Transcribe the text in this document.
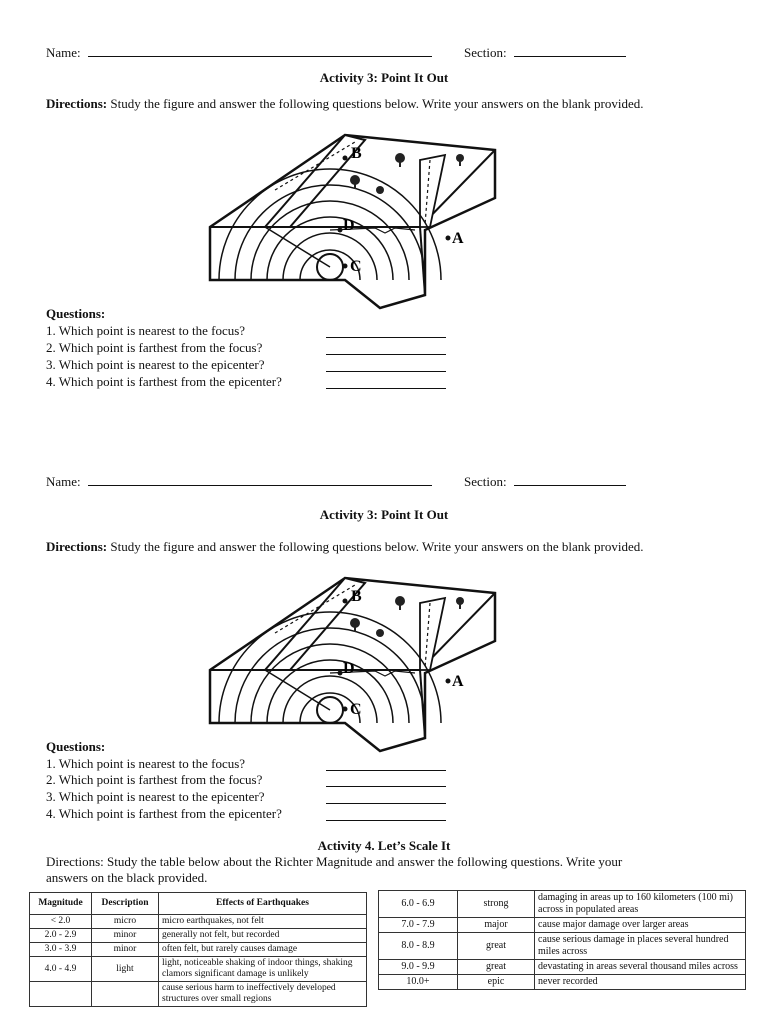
Name:	Section:
Activity 3: Point It Out
Directions: Study the figure and answer the following questions below. Write your answers on the blank provided.
B
D
C
A
Questions:
1. Which point is nearest to the focus?
2. Which point is farthest from the focus?
3. Which point is nearest to the epicenter?
4. Which point is farthest from the epicenter?
Name:	Section:
Activity 3: Point It Out
Directions: Study the figure and answer the following questions below. Write your answers on the blank provided.
B
D
C
A
Questions:
1. Which point is nearest to the focus?
2. Which point is farthest from the focus?
3. Which point is nearest to the epicenter?
4. Which point is farthest from the epicenter?
Activity 4. Let’s Scale It
Directions: Study the table below about the Richter Magnitude and answer the following questions. Write your
answers on the black provided.
Magnitude	Description	Effects of Earthquakes
< 2.0	micro	micro earthquakes, not felt
2.0 - 2.9	minor	generally not felt, but recorded
3.0 - 3.9	minor	often felt, but rarely causes damage
4.0 - 4.9	light	light, noticeable shaking of indoor things, shaking clamors significant damage is unlikely
		cause serious harm to ineffectively developed structures over small regions
6.0 - 6.9	strong	damaging in areas up to 160 kilometers (100 mi) across in populated areas
7.0 - 7.9	major	cause major damage over larger areas
8.0 - 8.9	great	cause serious damage in places several hundred miles across
9.0 - 9.9	great	devastating in areas several thousand miles across
10.0+	epic	never recorded
